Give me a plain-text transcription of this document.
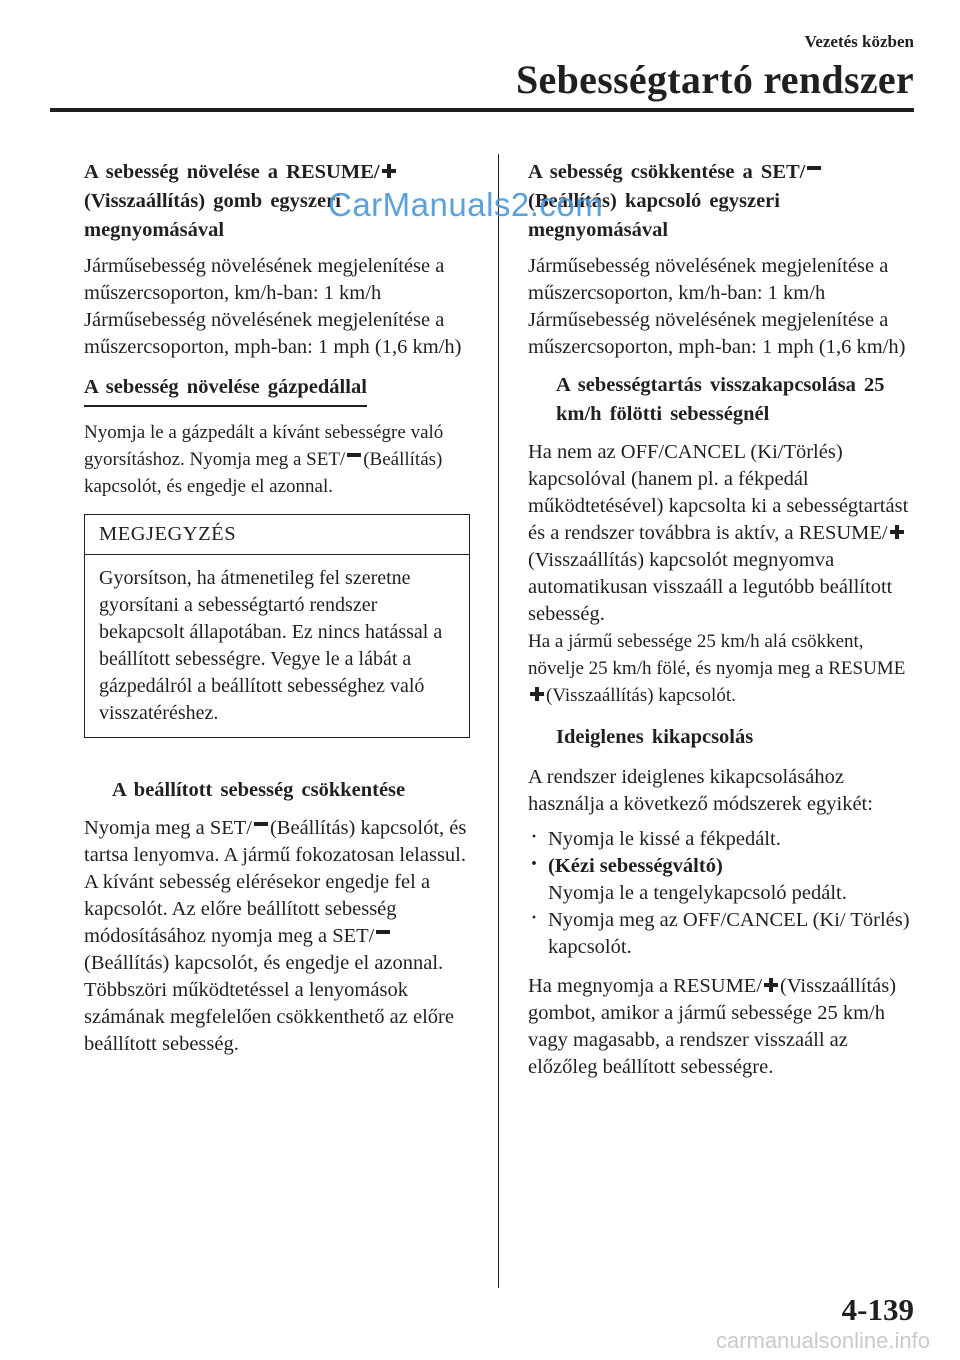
Vezetés közben
Sebességtartó rendszer
A sebesség növelése a RESUME/
(Visszaállítás) gomb egyszeri megnyomásával
Járműsebesség növelésének megjelenítése a műszercsoporton, km/h-ban: 1 km/h Járműsebesség növelésének megjelenítése a műszercsoporton, mph-ban: 1 mph (1,6 km/h)
A sebesség növelése gázpedállal
Nyomja le a gázpedált a kívánt sebességre való gyorsításhoz. Nyomja meg a SET/ (Beállítás) kapcsolót, és engedje el azonnal.
MEGJEGYZÉS
Gyorsítson, ha átmenetileg fel szeretne gyorsítani a sebességtartó rendszer bekapcsolt állapotában. Ez nincs hatással a beállított sebességre. Vegye le a lábát a gázpedálról a beállított sebességhez való visszatéréshez.
A beállított sebesség csökkentése
Nyomja meg a SET/ (Beállítás) kapcsolót, és tartsa lenyomva. A jármű fokozatosan lelassul. A kívánt sebesség elérésekor engedje fel a kapcsolót. Az előre beállított sebesség módosításához nyomja meg a SET/(Beállítás) kapcsolót, és engedje el azonnal. Többszöri működtetéssel a lenyomások számának megfelelően csökkenthető az előre beállított sebesség.
A sebesség csökkentése a SET/
(Beállítás) kapcsoló egyszeri megnyomásával
Járműsebesség növelésének megjelenítése a műszercsoporton, km/h-ban: 1 km/h Járműsebesség növelésének megjelenítése a műszercsoporton, mph-ban: 1 mph (1,6 km/h)
A sebességtartás visszakapcsolása 25 km/h fölötti sebességnél
Ha nem az OFF/CANCEL (Ki/Törlés) kapcsolóval (hanem pl. a fékpedál működtetésével) kapcsolta ki a sebességtartást és a rendszer továbbra is aktív, a RESUME/(Visszaállítás) kapcsolót megnyomva automatikusan visszaáll a legutóbb beállított sebesség.
Ha a jármű sebessége 25 km/h alá csökkent, növelje 25 km/h fölé, és nyomja meg a RESUME(Visszaállítás) kapcsolót.
Ideiglenes kikapcsolás
A rendszer ideiglenes kikapcsolásához használja a következő módszerek egyikét:
· Nyomja le kissé a fékpedált.
· (Kézi sebességváltó)
Nyomja le a tengelykapcsoló pedált.
· Nyomja meg az OFF/CANCEL (Ki/ Törlés) kapcsolót.
Ha megnyomja a RESUME/ (Visszaállítás) gombot, amikor a jármű sebessége 25 km/h vagy magasabb, a rendszer visszaáll az előzőleg beállított sebességre.
CarManuals2.com
4-139
carmanualsonline.info
